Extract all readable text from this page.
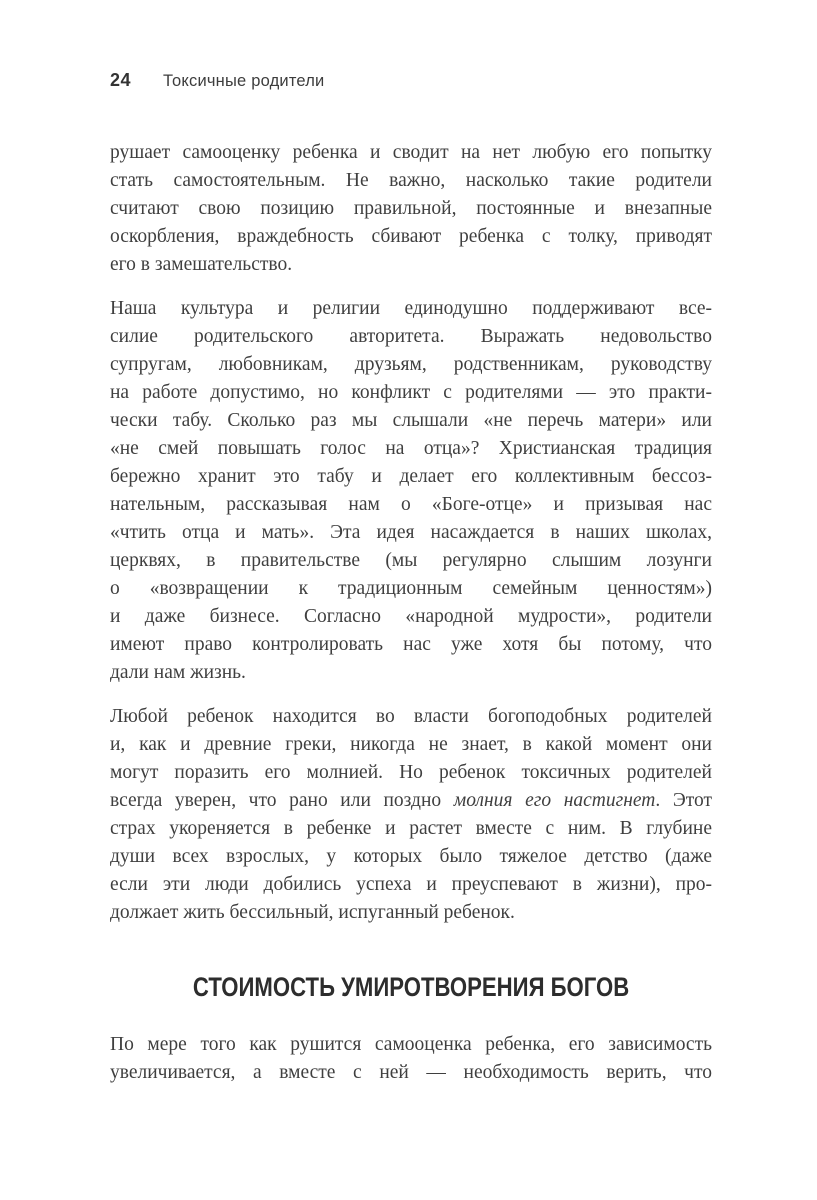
24 Токсичные родители
рушает самооценку ребенка и сводит на нет любую его попытку
стать самостоятельным. Не важно, насколько такие родители
считают свою позицию правильной, постоянные и внезапные
оскорбления, враждебность сбивают ребенка с толку, приводят
его в замешательство.
Наша культура и религии единодушно поддерживают все-
силие родительского авторитета. Выражать недовольство
супругам, любовникам, друзьям, родственникам, руководству
на работе допустимо, но конфликт с родителями — это практи-
чески табу. Сколько раз мы слышали «не перечь матери» или
«не смей повышать голос на отца»? Христианская традиция
бережно хранит это табу и делает его коллективным бессоз-
нательным, рассказывая нам о «Боге-отце» и призывая нас
«чтить отца и мать». Эта идея насаждается в наших школах,
церквях, в правительстве (мы регулярно слышим лозунги
о «возвращении к традиционным семейным ценностям»)
и даже бизнесе. Согласно «народной мудрости», родители
имеют право контролировать нас уже хотя бы потому, что
дали нам жизнь.
Любой ребенок находится во власти богоподобных родителей
и, как и древние греки, никогда не знает, в какой момент они
могут поразить его молнией. Но ребенок токсичных родителей
всегда уверен, что рано или поздно молния его настигнет. Этот
страх укореняется в ребенке и растет вместе с ним. В глубине
души всех взрослых, у которых было тяжелое детство (даже
если эти люди добились успеха и преуспевают в жизни), про-
должает жить бессильный, испуганный ребенок.
СТОИМОСТЬ УМИРОТВОРЕНИЯ БОГОВ
По мере того как рушится самооценка ребенка, его зависимость
увеличивается, а вместе с ней — необходимость верить, что
